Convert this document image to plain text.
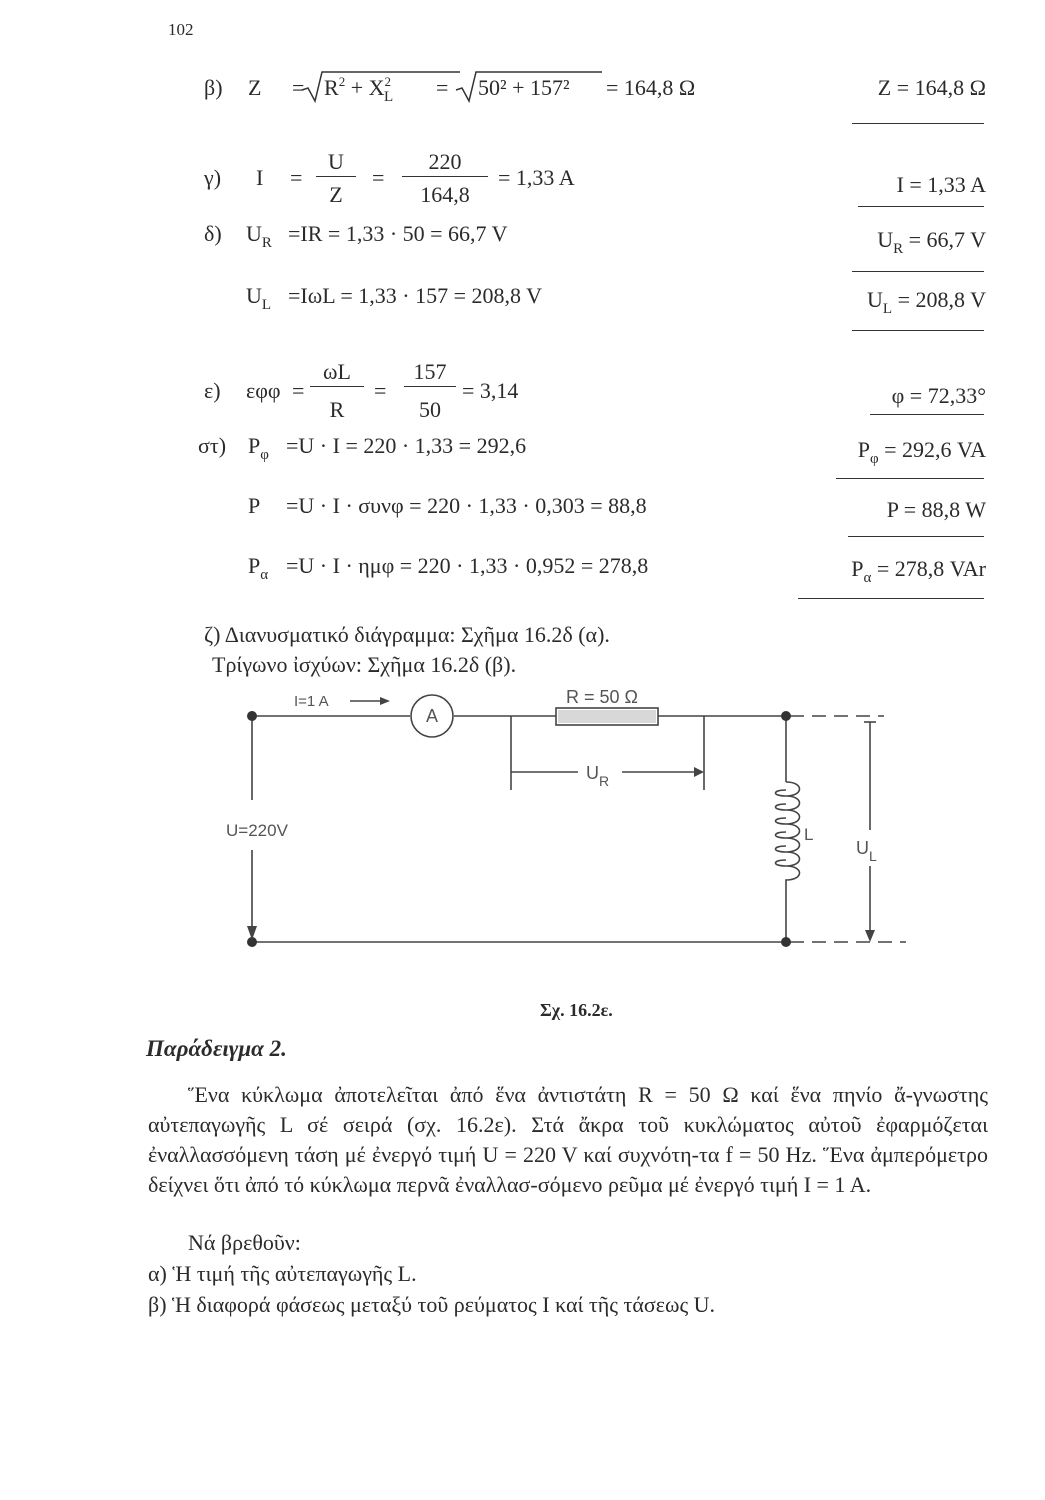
102
β) $Z = R^2 + X^2_L = 50^2 + 157^2 = 164,8$ Ω	Z = 164,8 Ω
γ) I =
U
Z
=
220
164,8
= 1,33 A	I = 1,33 A
δ) $U_R =IR = 1,33 \cdot 50 = 66,7$ V	$U_R = 66,7$ V
$U_L =I\omega L = 1,33 \cdot 157 = 208,8$ V	$U_L = 208,8$ V
ε) εφφ =
ωL
R
=
157
50
= 3,14	φ = 72,33°
στ) $P_\varphi =U \cdot I = 220 \cdot 1,33 = 292,6$	$P_\varphi = 292,6$ VA
P =U · I · συνφ = 220 · 1,33 · 0,303 = 88,8	P = 88,8 W
$P_\alpha =U \cdot I \cdot \eta\mu\varphi = 220 \cdot 1,33 \cdot 0,952 = 278,8$	$P_\alpha = 278,8$ VAr
ζ) Διανυσματικό διάγραμμα: Σχῆμα 16.2δ (α).
Τρίγωνο ἰσχύων: Σχῆμα 16.2δ (β).
I=1 A
A
R = 50 Ω
$U_R$
U=220V	L
$U_L$
Σχ. 16.2ε.
Παράδειγμα 2.
Ἕνα κύκλωμα ἀποτελεῖται ἀπό ἕνα ἀντιστάτη R = 50 Ω καί ἕνα πηνίο ἄ-γνωστης αὐτεπαγωγῆς L σέ σειρά (σχ. 16.2ε). Στά ἄκρα τοῦ κυκλώματος αὐτοῦ ἐφαρμόζεται ἐναλλασσόμενη τάση μέ ἐνεργό τιμή U = 220 V καί συχνότη-τα f = 50 Hz. Ἕνα ἀμπερόμετρο δείχνει ὅτι ἀπό τό κύκλωμα περνᾶ ἐναλλασ-σόμενο ρεῦμα μέ ἐνεργό τιμή I = 1 A.
Νά βρεθοῦν:
α) Ἡ τιμή τῆς αὐτεπαγωγῆς L.
β) Ἡ διαφορά φάσεως μεταξύ τοῦ ρεύματος I καί τῆς τάσεως U.
